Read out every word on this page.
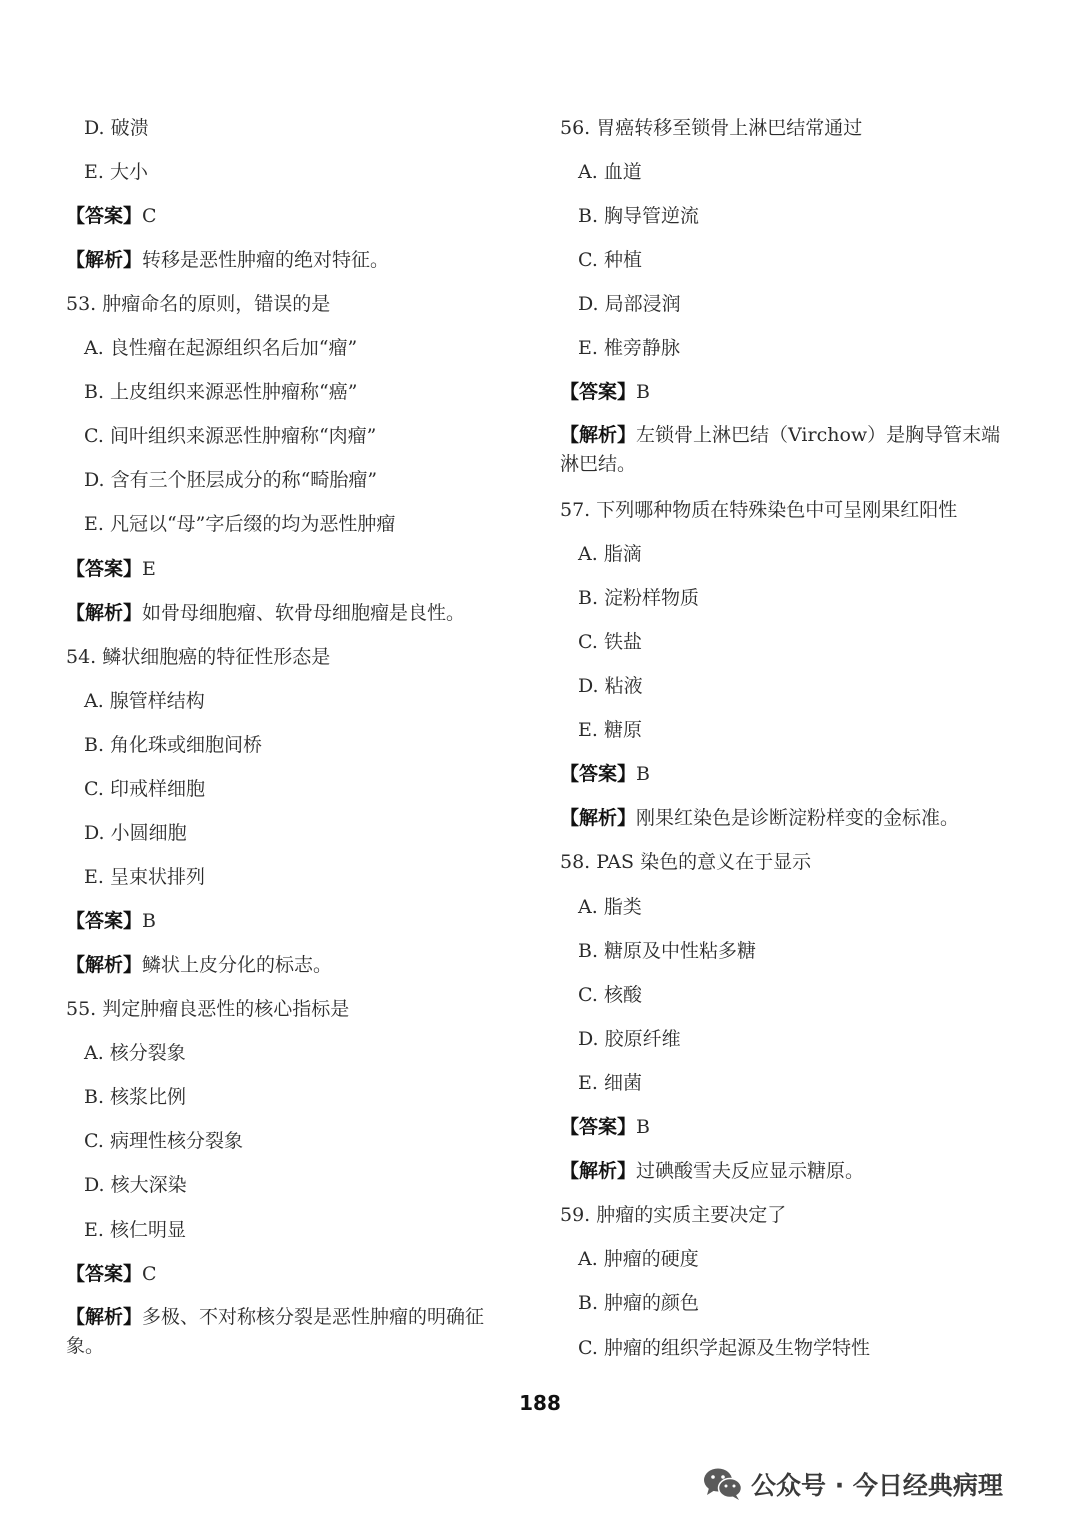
D. 破溃
E. 大小
【答案】C
【解析】转移是恶性肿瘤的绝对特征。
53. 肿瘤命名的原则，错误的是
A. 良性瘤在起源组织名后加“瘤”
B. 上皮组织来源恶性肿瘤称“癌”
C. 间叶组织来源恶性肿瘤称“肉瘤”
D. 含有三个胚层成分的称“畸胎瘤”
E. 凡冠以“母”字后缀的均为恶性肿瘤
【答案】E
【解析】如骨母细胞瘤、软骨母细胞瘤是良性。
54. 鳞状细胞癌的特征性形态是
A. 腺管样结构
B. 角化珠或细胞间桥
C. 印戒样细胞
D. 小圆细胞
E. 呈束状排列
【答案】B
【解析】鳞状上皮分化的标志。
55. 判定肿瘤良恶性的核心指标是
A. 核分裂象
B. 核浆比例
C. 病理性核分裂象
D. 核大深染
E. 核仁明显
【答案】C
【解析】多极、不对称核分裂是恶性肿瘤的明确征象。
56. 胃癌转移至锁骨上淋巴结常通过
A. 血道
B. 胸导管逆流
C. 种植
D. 局部浸润
E. 椎旁静脉
【答案】B
【解析】左锁骨上淋巴结（Virchow）是胸导管末端淋巴结。
57. 下列哪种物质在特殊染色中可呈刚果红阳性
A. 脂滴
B. 淀粉样物质
C. 铁盐
D. 粘液
E. 糖原
【答案】B
【解析】刚果红染色是诊断淀粉样变的金标准。
58. PAS 染色的意义在于显示
A. 脂类
B. 糖原及中性粘多糖
C. 核酸
D. 胶原纤维
E. 细菌
【答案】B
【解析】过碘酸雪夫反应显示糖原。
59. 肿瘤的实质主要决定了
A. 肿瘤的硬度
B. 肿瘤的颜色
C. 肿瘤的组织学起源及生物学特性
188
公众号 · 今日经典病理
